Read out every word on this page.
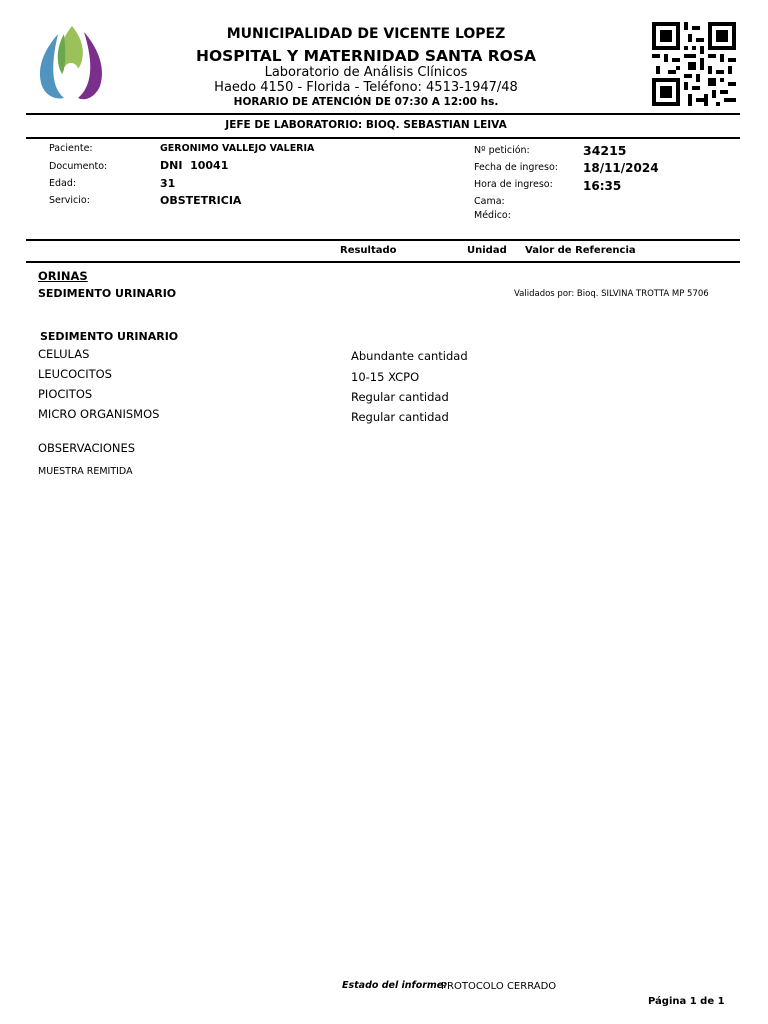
MUNICIPALIDAD DE VICENTE LOPEZ
HOSPITAL Y MATERNIDAD SANTA ROSA
Laboratorio de Análisis Clínicos
Haedo 4150 - Florida - Teléfono: 4513-1947/48
HORARIO DE ATENCIÓN DE 07:30 A 12:00 hs.
JEFE DE LABORATORIO: BIOQ. SEBASTIAN LEIVA
Paciente:	GERONIMO VALLEJO VALERIA
Documento:	DNI  10041
Edad:	31
Servicio:	OBSTETRICIA
Nº petición:	34215
Fecha de ingreso: 18/11/2024
Hora de ingreso:	16:35
Cama:
Médico:
Resultado	Unidad Valor de Referencia
ORINAS
SEDIMENTO URINARIO	Validados por: Bioq. SILVINA TROTTA MP 5706
SEDIMENTO URINARIO
CELULAS	Abundante cantidad
LEUCOCITOS	10-15 XCPO
PIOCITOS	Regular cantidad
MICRO ORGANISMOS	Regular cantidad
OBSERVACIONES
MUESTRA REMITIDA
Estado del informe:
PROTOCOLO CERRADO
Página 1 de 1
